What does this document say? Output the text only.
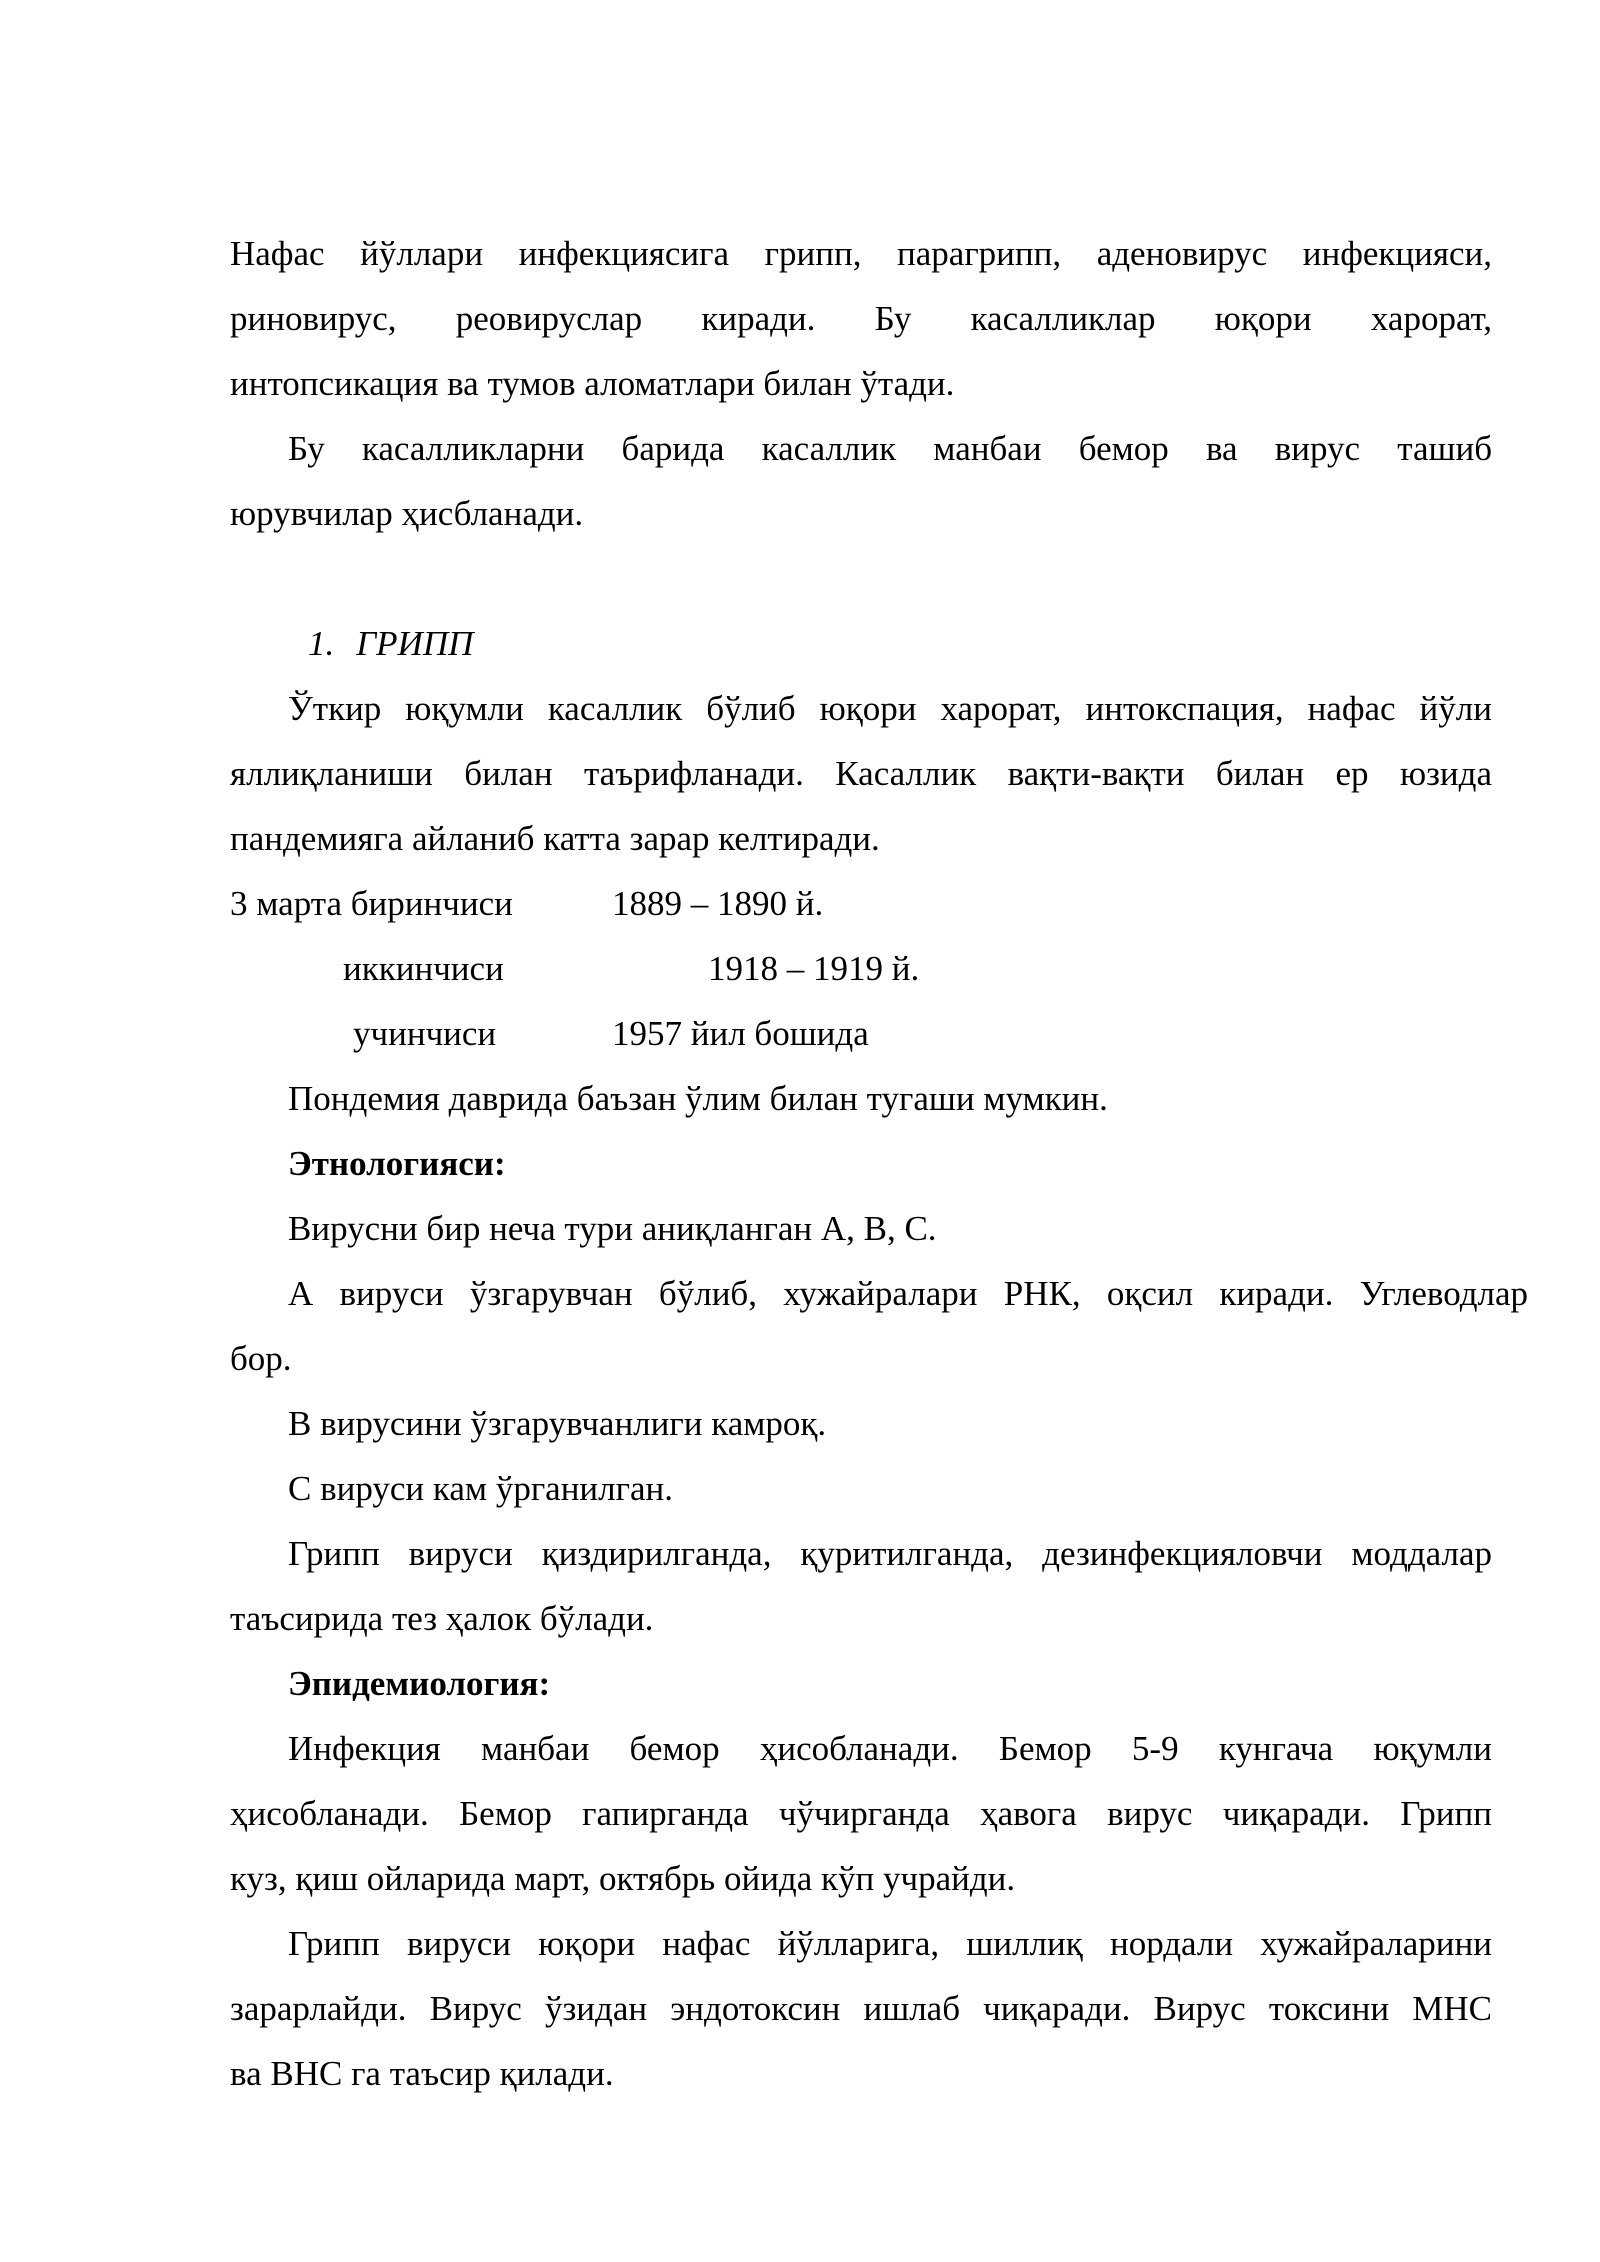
Нафас йўллари инфекциясига грипп, парагрипп, аденовирус инфекцияси,
риновирус, реовируслар киради. Бу касалликлар юқори харорат,
интопсикация ва тумов аломатлари билан ўтади.
Бу касалликларни барида касаллик манбаи бемор ва вирус ташиб
юрувчилар ҳисбланади.
1. ГРИПП
Ўткир юқумли касаллик бўлиб юқори харорат, интокспация, нафас йўли
яллиқланиши билан таърифланади. Касаллик вақти-вақти билан ер юзида
пандемияга айланиб катта зарар келтиради.
3 марта биринчиси	1889 – 1890 й.
иккинчиси	1918 – 1919 й.
учинчиси	1957 йил бошида
Пондемия даврида баъзан ўлим билан тугаши мумкин.
Этнологияси:
Вирусни бир неча тури аниқланган А, В, С.
А вируси ўзгарувчан бўлиб, хужайралари РНК, оқсил киради. Углеводлар
бор.
В вирусини ўзгарувчанлиги камроқ.
С вируси кам ўрганилган.
Грипп вируси қиздирилганда, қуритилганда, дезинфекцияловчи моддалар
таъсирида тез ҳалок бўлади.
Эпидемиология:
Инфекция манбаи бемор ҳисобланади. Бемор 5-9 кунгача юқумли
ҳисобланади. Бемор гапирганда чўчирганда ҳавога вирус чиқаради. Грипп
куз, қиш ойларида март, октябрь ойида кўп учрайди.
Грипп вируси юқори нафас йўлларига, шиллиқ нордали хужайраларини
зарарлайди. Вирус ўзидан эндотоксин ишлаб чиқаради. Вирус токсини МНС
ва ВНС га таъсир қилади.
